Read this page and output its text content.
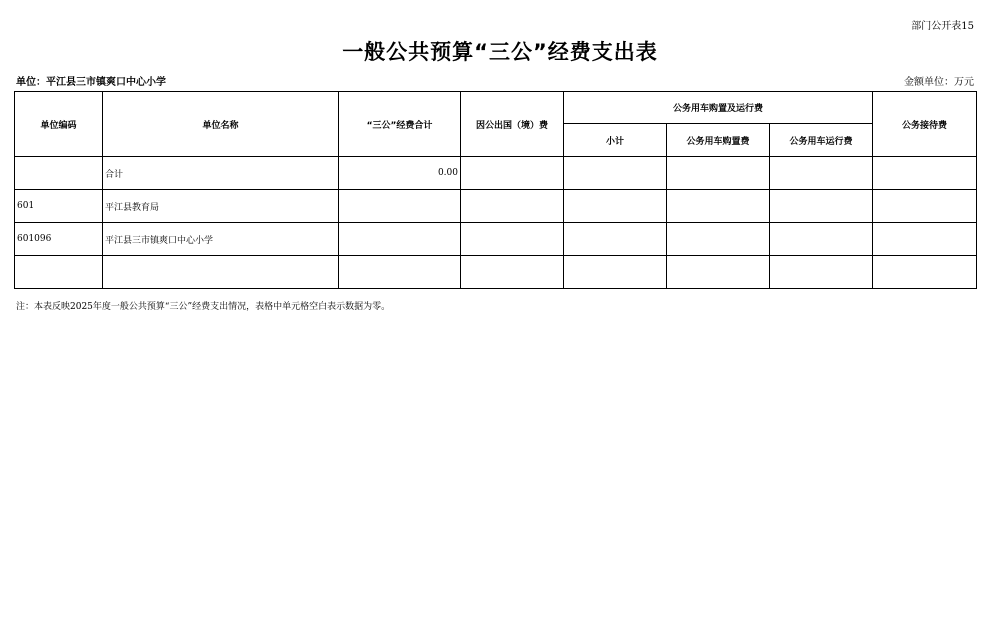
部门公开表15
一般公共预算“三公”经费支出表
单位：平江县三市镇爽口中心小学	金额单位：万元
单位编码	单位名称	“三公”经费合计	因公出国（境）费	公务用车购置及运行费			公务接待费
				小计	公务用车购置费	公务用车运行费	
	合计	0.00					
601	平江县教育局						
601096	平江县三市镇爽口中心小学						

注：本表反映2025年度一般公共预算“三公”经费支出情况，表格中单元格空白表示数据为零。
